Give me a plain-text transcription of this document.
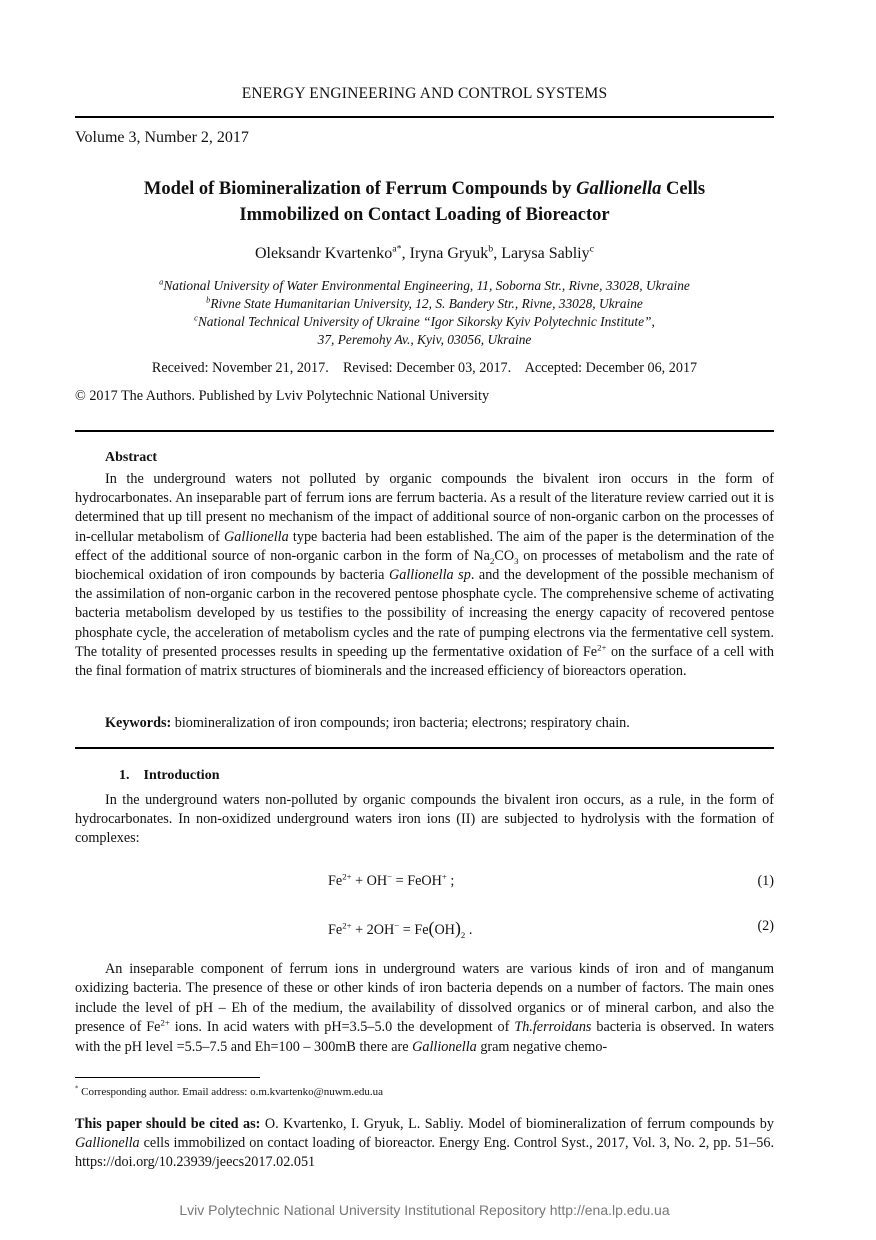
ENERGY ENGINEERING AND CONTROL SYSTEMS
Volume 3, Number 2, 2017
Model of Biomineralization of Ferrum Compounds by Gallionella Cells
Immobilized on Contact Loading of Bioreactor
Oleksandr Kvartenko$^{a*}$, Iryna Gryuk$^b$, Larysa Sabliy$^c$
$^a$National University of Water Environmental Engineering, 11, Soborna Str., Rivne, 33028, Ukraine
$^b$Rivne State Humanitarian University, 12, S. Bandery Str., Rivne, 33028, Ukraine
$^c$National Technical University of Ukraine “Igor Sikorsky Kyiv Polytechnic Institute”,
37, Peremohy Av., Kyiv, 03056, Ukraine
Received: November 21, 2017. Revised: December 03, 2017. Accepted: December 06, 2017
© 2017 The Authors. Published by Lviv Polytechnic National University
Abstract
In the underground waters not polluted by organic compounds the bivalent iron occurs in the form of hydrocarbonates. An inseparable part of ferrum ions are ferrum bacteria. As a result of the literature review carried out it is determined that up till present no mechanism of the impact of additional source of non-organic carbon on the processes of in-cellular metabolism of Gallionella type bacteria had been established. The aim of the paper is the determination of the effect of the additional source of non-organic carbon in the form of $Na_2CO_3$ on processes of metabolism and the rate of biochemical oxidation of iron compounds by bacteria Gallionella sp. and the development of the possible mechanism of the assimilation of non-organic carbon in the recovered pentose phosphate cycle. The comprehensive scheme of activating bacteria metabolism developed by us testifies to the possibility of increasing the energy capacity of recovered pentose phosphate cycle, the acceleration of metabolism cycles and the rate of pumping electrons via the fermentative cell system. The totality of presented processes results in speeding up the fermentative oxidation of $Fe^{2+}$ on the surface of a cell with the final formation of matrix structures of biominerals and the increased efficiency of bioreactors operation.
Keywords: biomineralization of iron compounds; iron bacteria; electrons; respiratory chain.
1. Introduction
In the underground waters non-polluted by organic compounds the bivalent iron occurs, as a rule, in the form of hydrocarbonates. In non-oxidized underground waters iron ions (II) are subjected to hydrolysis with the formation of complexes:
$Fe^{2+} + OH^-$ = FeOH+ ;	(1)
$Fe^{2+} + 2OH^- = Fe(OH)_2$ .	(2)
An inseparable component of ferrum ions in underground waters are various kinds of iron and of manganum oxidizing bacteria. The presence of these or other kinds of iron bacteria depends on a number of factors. The main ones include the level of pH – Eh of the medium, the availability of dissolved organics or of mineral carbon, and also the presence of $Fe^{2+}$ ions. In acid waters with pH=3.5–5.0 the development of Th.ferroidans bacteria is observed. In waters with the pH level =5.5–7.5 and Eh=100 – 300mB there are Gallionella gram negative chemo-
* Corresponding author. Email address: o.m.kvartenko@nuwm.edu.ua
This paper should be cited as: O. Kvartenko, I. Gryuk, L. Sabliy. Model of biomineralization of ferrum compounds by Gallionella cells immobilized on contact loading of bioreactor. Energy Eng. Control Syst., 2017, Vol. 3, No. 2, pp. 51–56. https://doi.org/10.23939/jeecs2017.02.051
Lviv Polytechnic National University Institutional Repository http://ena.lp.edu.ua
